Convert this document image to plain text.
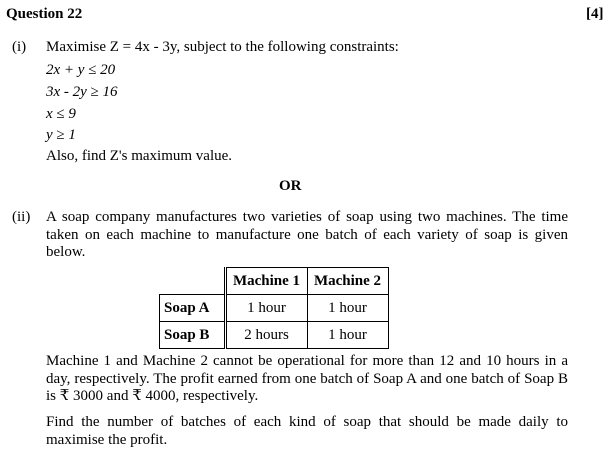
Question 22	[4]
(i) Maximise Z = 4x - 3y, subject to the following constraints:
2x + y ≤ 20
3x - 2y ≥ 16
x ≤ 9
y ≥ 1
Also, find Z's maximum value.
OR
(ii) A soap company manufactures two varieties of soap using two machines. The time taken on each machine to manufacture one batch of each variety of soap is given below.
	Machine 1	Machine 2
Soap A	1 hour	1 hour
Soap B	2 hours	1 hour
Machine 1 and Machine 2 cannot be operational for more than 12 and 10 hours in a day, respectively. The profit earned from one batch of Soap A and one batch of Soap B is ₹ 3000 and ₹ 4000, respectively.
Find the number of batches of each kind of soap that should be made daily to maximise the profit.
